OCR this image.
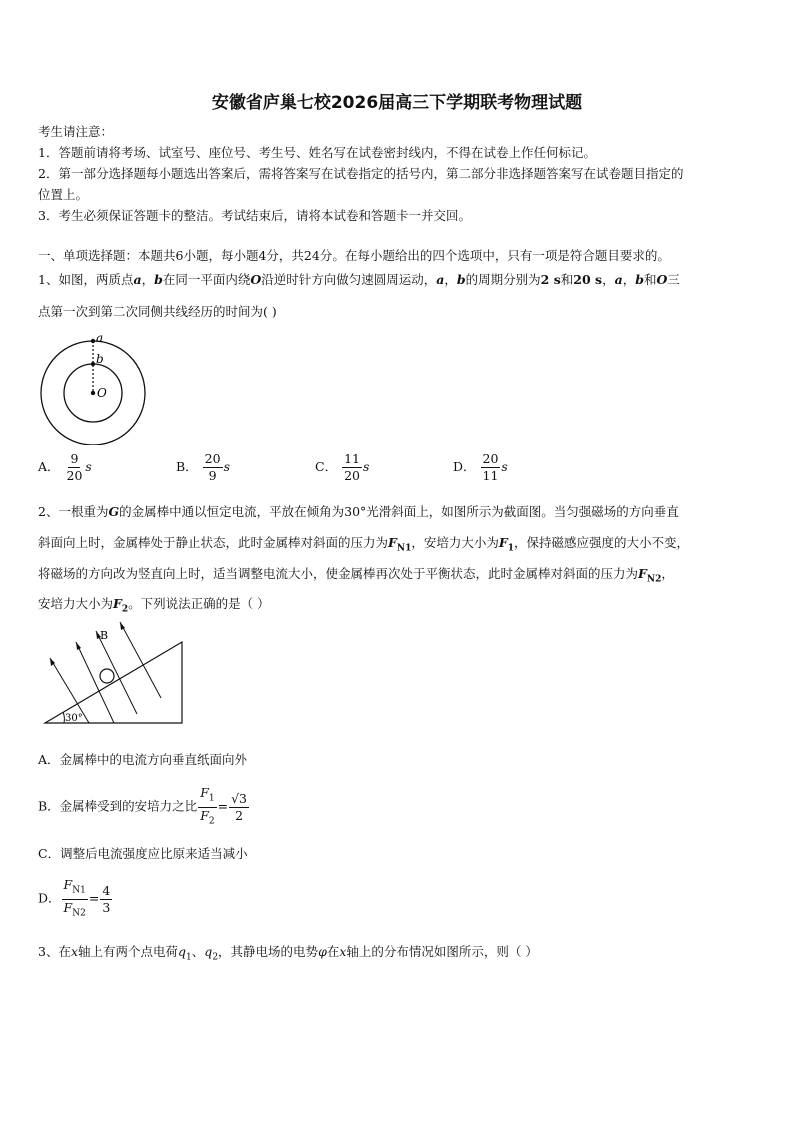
安徽省庐巢七校2026届高三下学期联考物理试题
考生请注意：
1．答题前请将考场、试室号、座位号、考生号、姓名写在试卷密封线内，不得在试卷上作任何标记。
2．第一部分选择题每小题选出答案后，需将答案写在试卷指定的括号内，第二部分非选择题答案写在试卷题目指定的
位置上。
3．考生必须保证答题卡的整洁。考试结束后，请将本试卷和答题卡一并交回。
一、单项选择题：本题共6小题，每小题4分，共24分。在每小题给出的四个选项中，只有一项是符合题目要求的。
1、如图，两质点a，b在同一平面内绕O沿逆时针方向做匀速圆周运动，a，b的周期分别为2 s和20 s，a，b和O三
点第一次到第二次同侧共线经历的时间为( )
a
b
O
A． $\frac{9}{20}$ s	B． $\frac{20}{9}$ s	C． $\frac{11}{20}$ s	D． $\frac{20}{11}$ s
2、一根重为G的金属棒中通以恒定电流，平放在倾角为30°光滑斜面上，如图所示为截面图。当匀强磁场的方向垂直
斜面向上时，金属棒处于静止状态，此时金属棒对斜面的压力为$F_{N1}$，安培力大小为$F_1$，保持磁感应强度的大小不变，
将磁场的方向改为竖直向上时，适当调整电流大小，使金属棒再次处于平衡状态，此时金属棒对斜面的压力为$F_{N2}$，
安培力大小为$F_2$。下列说法正确的是（ ）
30°
B
A．金属棒中的电流方向垂直纸面向外
B．金属棒受到的安培力之比 $\frac{F_1}{F_2} = \frac{√3}{2}$
C．调整后电流强度应比原来适当减小
D． $\frac{F_{N1}}{F_{N2}} = \frac{4}{3}$
3、在x轴上有两个点电荷$q_1$、$q_2$，其静电场的电势φ在x轴上的分布情况如图所示，则（ ）
